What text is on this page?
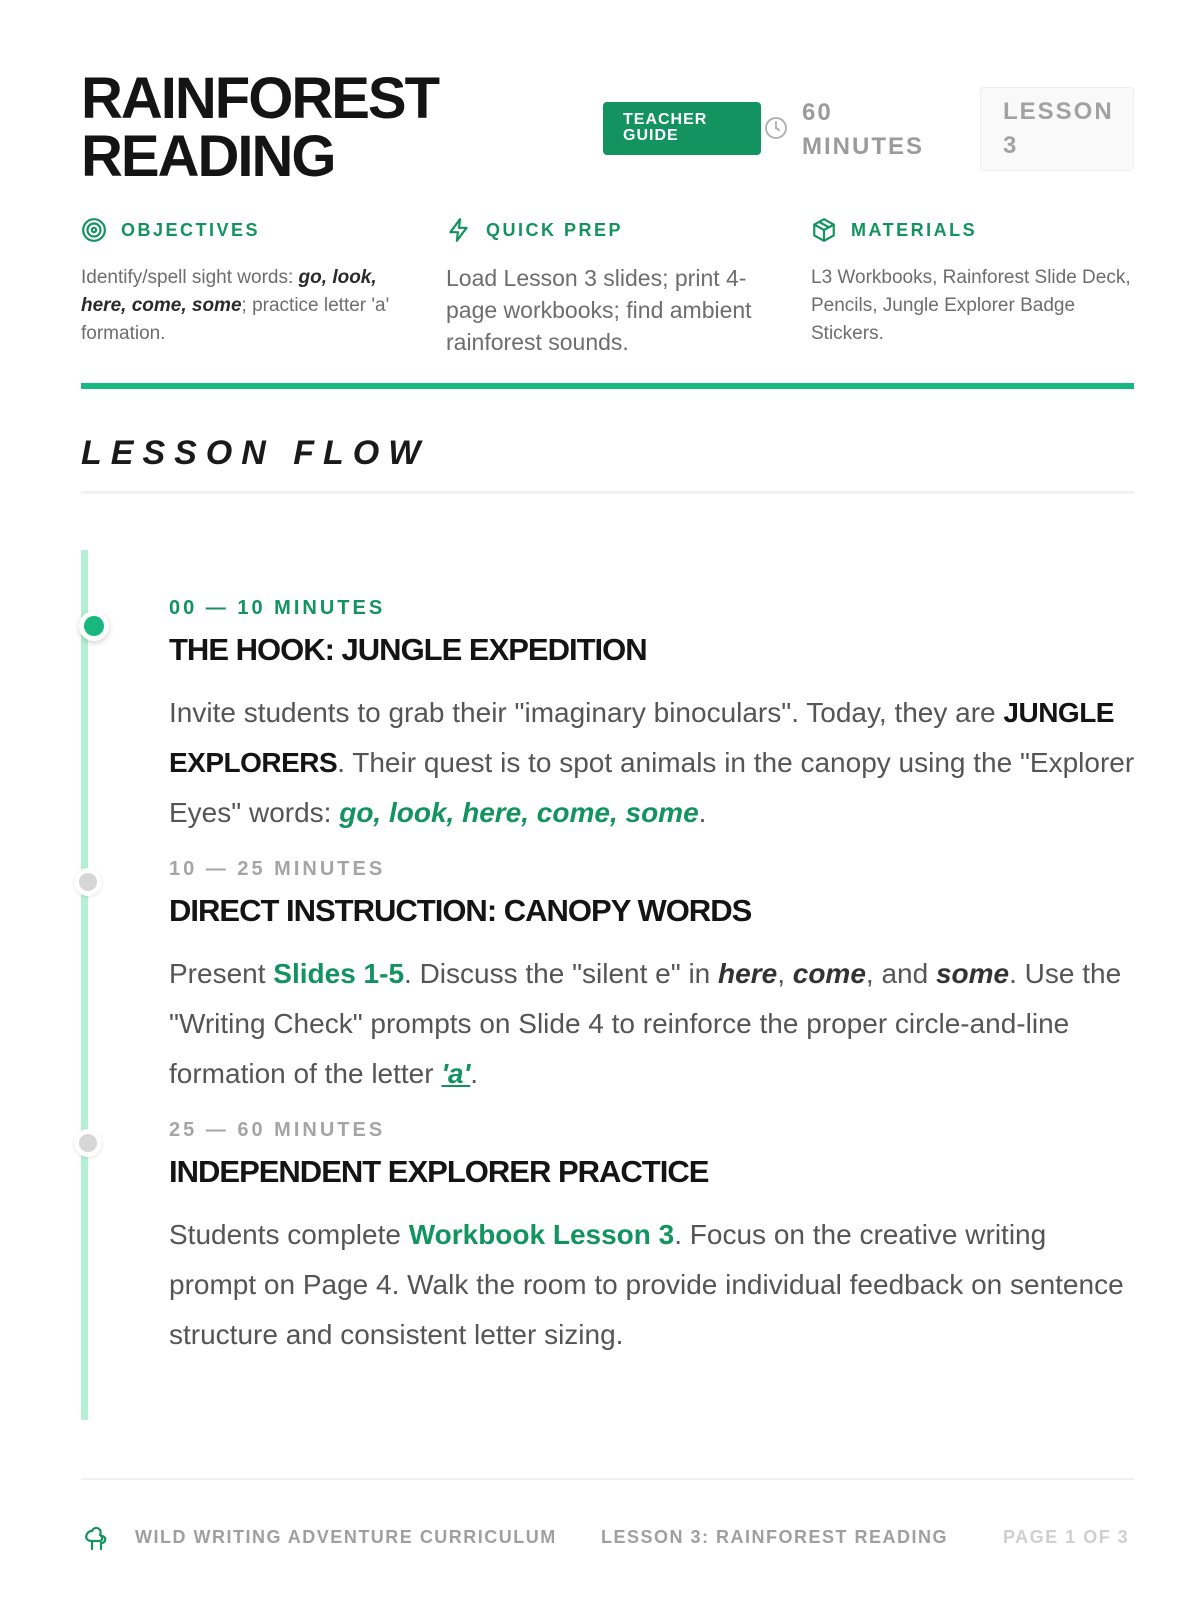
RAINFOREST
READING
TEACHER
GUIDE
60
MINUTES
LESSON
3
OBJECTIVES
Identify/spell sight words: go, look, here, come, some; practice letter 'a' formation.
QUICK PREP
Load Lesson 3 slides; print 4-page workbooks; find ambient rainforest sounds.
MATERIALS
L3 Workbooks, Rainforest Slide Deck, Pencils, Jungle Explorer Badge Stickers.
LESSON FLOW
00 — 10 MINUTES
THE HOOK: JUNGLE EXPEDITION
Invite students to grab their "imaginary binoculars". Today, they are JUNGLE EXPLORERS. Their quest is to spot animals in the canopy using the "Explorer Eyes" words: go, look, here, come, some.
10 — 25 MINUTES
DIRECT INSTRUCTION: CANOPY WORDS
Present Slides 1-5. Discuss the "silent e" in here, come, and some. Use the "Writing Check" prompts on Slide 4 to reinforce the proper circle-and-line formation of the letter 'a'.
25 — 60 MINUTES
INDEPENDENT EXPLORER PRACTICE
Students complete Workbook Lesson 3. Focus on the creative writing prompt on Page 4. Walk the room to provide individual feedback on sentence structure and consistent letter sizing.
WILD WRITING ADVENTURE CURRICULUM LESSON 3: RAINFOREST READING	PAGE 1 OF 3
